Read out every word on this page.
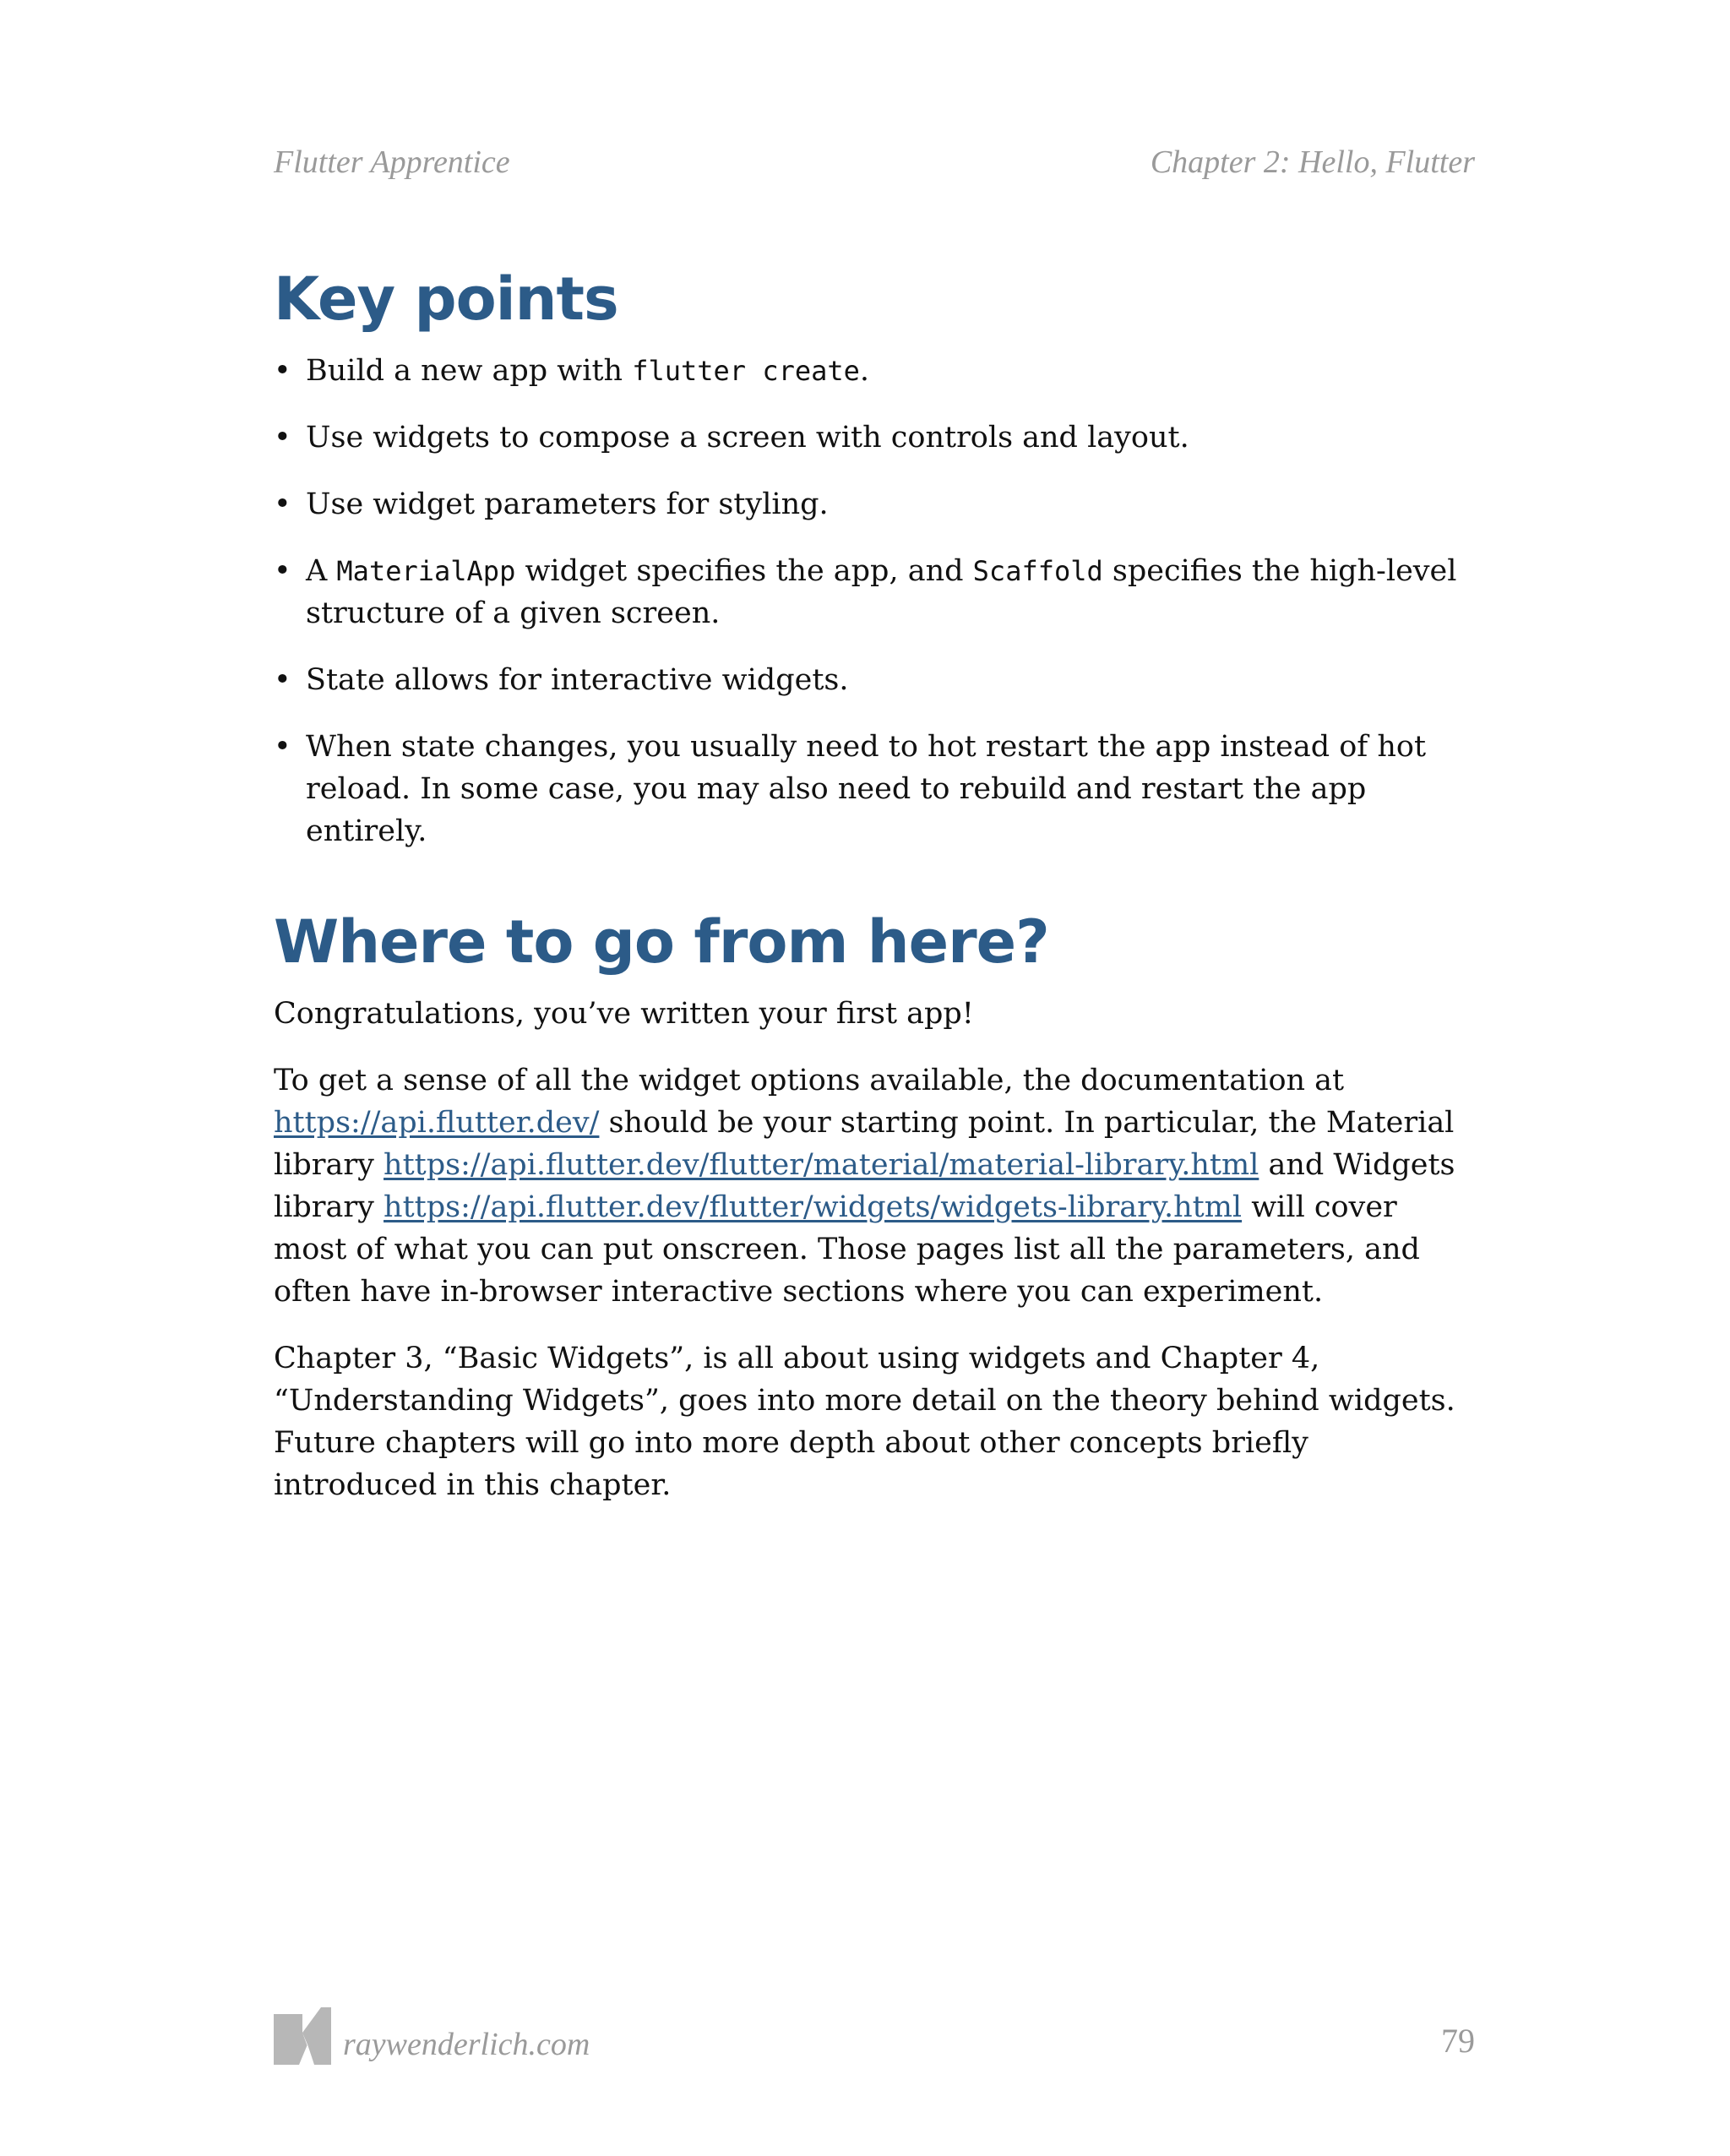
Flutter Apprentice	Chapter 2: Hello, Flutter
Key points
• Build a new app with flutter create.
• Use widgets to compose a screen with controls and layout.
• Use widget parameters for styling.
• A MaterialApp widget specifies the app, and Scaffold specifies the high-level structure of a given screen.
• State allows for interactive widgets.
• When state changes, you usually need to hot restart the app instead of hot reload. In some case, you may also need to rebuild and restart the app entirely.
Where to go from here?

Congratulations, you’ve written your first app!

To get a sense of all the widget options available, the documentation at https://api.flutter.dev/ should be your starting point. In particular, the Material library https://api.flutter.dev/flutter/material/material-library.html and Widgets library https://api.flutter.dev/flutter/widgets/widgets-library.html will cover most of what you can put onscreen. Those pages list all the parameters, and often have in-browser interactive sections where you can experiment.

Chapter 3, “Basic Widgets”, is all about using widgets and Chapter 4, “Understanding Widgets”, goes into more detail on the theory behind widgets. Future chapters will go into more depth about other concepts briefly introduced in this chapter.

raywenderlich.com	79
